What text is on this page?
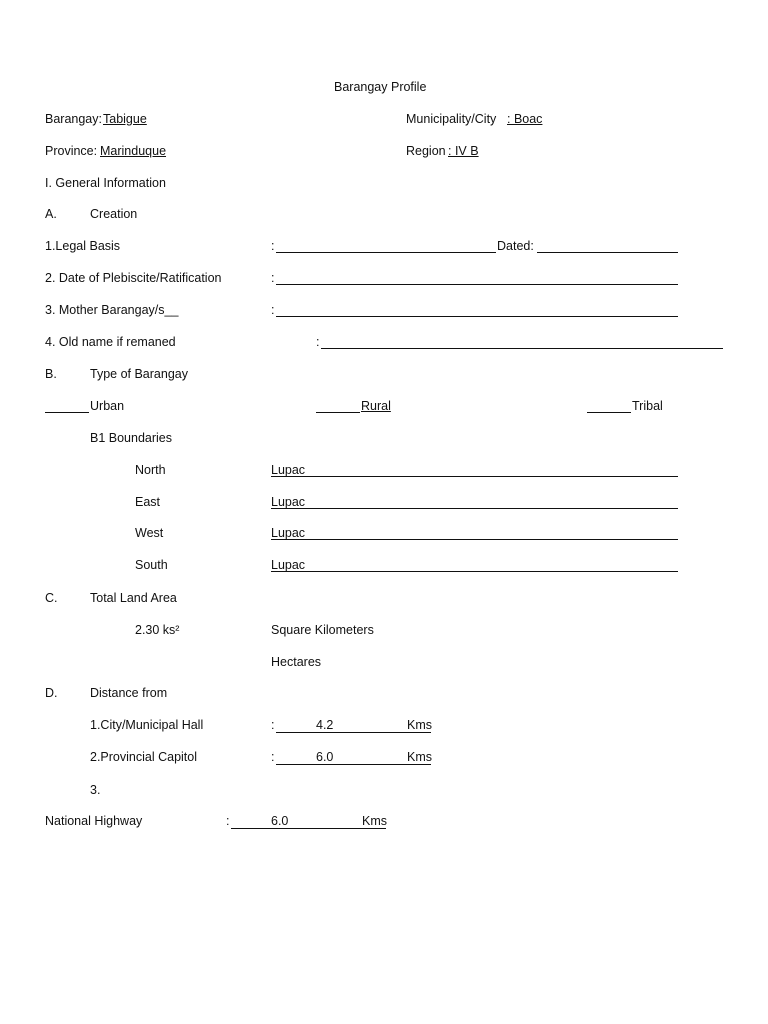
Barangay Profile
Barangay: Tabigue	Municipality/City : Boac
Province: Marinduque	Region : IV B
I. General Information
A.	Creation
1.Legal Basis	:	Dated:
2. Date of Plebiscite/Ratification	:
3. Mother Barangay/s__	:
4. Old name if remaned	:
B.	Type of Barangay
Urban	Rural	Tribal
B1 Boundaries
North	Lupac
East	Lupac
West	Lupac
South	Lupac
C.	Total Land Area
2.30 ks²	Square Kilometers
Hectares
D.	Distance from
1.City/Municipal Hall	:	4.2	Kms
2.Provincial Capitol	:	6.0	Kms
3.
National Highway	:	6.0	Kms
